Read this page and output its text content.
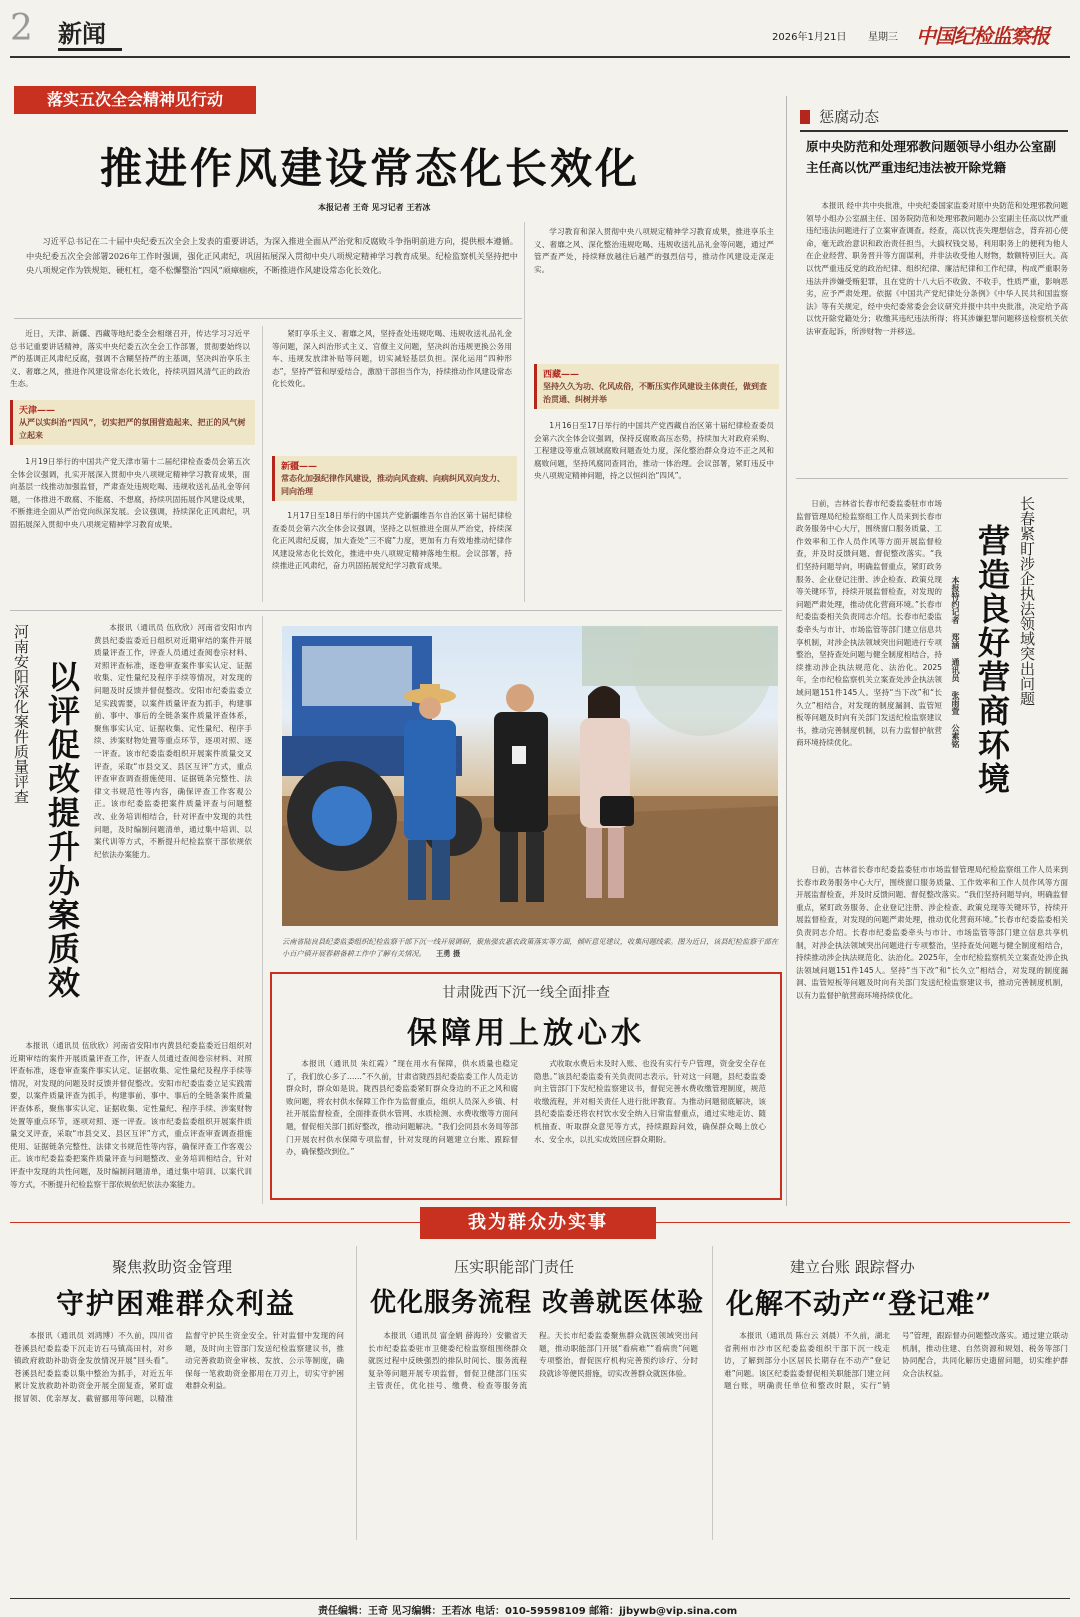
2 新闻	2026年1月21日 星期三 中国纪检监察报
落实五次全会精神见行动
推进作风建设常态化长效化
本报记者 王奇 见习记者 王若冰

习近平总书记在二十届中央纪委五次全会上发表的重要讲话，为深入推进全面从严治党和反腐败斗争指明前进方向，提供根本遵循。中央纪委五次全会部署2026年工作时强调，强化正风肃纪，巩固拓展深入贯彻中央八项规定精神学习教育成果。纪检监察机关坚持把中央八项规定作为铁规矩、硬杠杠，毫不松懈整治“四风”顽瘴痼疾，不断推进作风建设常态化长效化。

近日，天津、新疆、西藏等地纪委全会相继召开，传达学习习近平总书记重要讲话精神，落实中央纪委五次全会工作部署，贯彻要始终以严的基调正风肃纪反腐，强调不含糊坚持严的主基调，坚决纠治享乐主义、奢靡之风，推进作风建设常态化长效化，持续巩固风清气正的政治生态。

天津——
从严以实纠治“四风”，切实把严的氛围营造起来、把正的风气树立起来

1月19日举行的中国共产党天津市第十二届纪律检查委员会第五次全体会议强调，扎实开展深入贯彻中央八项规定精神学习教育成果，面向基层一线推动加强监督，严肃查处违规吃喝、违规收送礼品礼金等问题，一体推进不敢腐、不能腐、不想腐，持续巩固拓展作风建设成果，不断推进全面从严治党向纵深发展。会议强调，持续深化正风肃纪，巩固拓展深入贯彻中央八项规定精神学习教育成果。

紧盯享乐主义、奢靡之风，坚持查处违规吃喝、违规收送礼品礼金等问题，深入纠治形式主义、官僚主义问题，坚决纠治违规更换公务用车、违规发放津补贴等问题，切实减轻基层负担。深化运用“四种形态”，坚持严管和厚爱结合，激励干部担当作为，持续推动作风建设常态化长效化。

新疆——
常态化加强纪律作风建设，推动向风查病、向病纠风双向发力、同向治理

1月17日至18日举行的中国共产党新疆维吾尔自治区第十届纪律检查委员会第六次全体会议强调，坚持之以恒推进全面从严治党，持续深化正风肃纪反腐，加大查处“三不腐”力度，更加有力有效地推动纪律作风建设常态化长效化，推进中央八项规定精神落地生根。会议部署，持续推进正风肃纪，奋力巩固拓展党纪学习教育成果。

学习教育和深入贯彻中央八项规定精神学习教育成果，推进享乐主义、奢靡之风、深化整治违规吃喝、违规收送礼品礼金等问题，通过严管严查严处，持续释放越往后越严的强烈信号，推动作风建设走深走实。

西藏——
坚持久久为功、化风成俗，不断压实作风建设主体责任，做到查治贯通、纠树并举

1月16日至17日举行的中国共产党西藏自治区第十届纪律检查委员会第六次全体会议强调，保持反腐败高压态势，持续加大对政府采购、工程建设等重点领域腐败问题查处力度，深化整治群众身边不正之风和腐败问题，坚持风腐同查同治，推动一体治理。会议部署，紧盯违反中央八项规定精神问题，持之以恒纠治“四风”。

惩腐动态
原中央防范和处理邪教问题领导小组办公室副主任高以忱严重违纪违法被开除党籍

本报讯 经中共中央批准，中央纪委国家监委对原中央防范和处理邪教问题领导小组办公室副主任、国务院防范和处理邪教问题办公室副主任高以忱严重违纪违法问题进行了立案审查调查。经查，高以忱丧失理想信念，背弃初心使命，毫无政治意识和政治责任担当，大搞权钱交易，利用职务上的便利为他人在企业经营、职务晋升等方面谋利，并非法收受他人财物，数额特别巨大。高以忱严重违反党的政治纪律、组织纪律、廉洁纪律和工作纪律，构成严重职务违法并涉嫌受贿犯罪，且在党的十八大后不收敛、不收手，性质严重，影响恶劣，应予严肃处理。依据《中国共产党纪律处分条例》《中华人民共和国监察法》等有关规定，经中央纪委常委会会议研究并报中共中央批准，决定给予高以忱开除党籍处分；收缴其违纪违法所得；将其涉嫌犯罪问题移送检察机关依法审查起诉，所涉财物一并移送。

长春紧盯涉企执法领域突出问题
营造良好营商环境
本报特约记者 郑涵 通讯员 张雨萱 公素铭

日前，吉林省长春市纪委监委驻市市场监督管理局纪检监察组工作人员来到长春市政务服务中心大厅，围绕窗口服务质量、工作效率和工作人员作风等方面开展监督检查，并及时反馈问题、督促整改落实。“我们坚持问题导向，明确监督重点，紧盯政务服务、企业登记注册、涉企检查、政策兑现等关键环节，持续开展监督检查，对发现的问题严肃处理，推动优化营商环境。”长春市纪委监委相关负责同志介绍。长春市纪委监委牵头与市计、市场监管等部门建立信息共享机制，对涉企执法领域突出问题进行专项整治，坚持查处问题与健全制度相结合，持续推动涉企执法规范化、法治化。2025年，全市纪检监察机关立案查处涉企执法领域问题151件145人。坚持“当下改”和“长久立”相结合，对发现的制度漏洞、监管短板等问题及时向有关部门发送纪检监察建议书，推动完善制度机制，以有力监督护航营商环境持续优化。

日前，吉林省长春市纪委监委驻市市场监督管理局纪检监察组工作人员来到长春市政务服务中心大厅，围绕窗口服务质量、工作效率和工作人员作风等方面开展监督检查，并及时反馈问题、督促整改落实。“我们坚持问题导向，明确监督重点，紧盯政务服务、企业登记注册、涉企检查、政策兑现等关键环节，持续开展监督检查，对发现的问题严肃处理，推动优化营商环境。”长春市纪委监委相关负责同志介绍。长春市纪委监委牵头与市计、市场监管等部门建立信息共享机制，对涉企执法领域突出问题进行专项整治，坚持查处问题与健全制度相结合，持续推动涉企执法规范化、法治化。2025年，全市纪检监察机关立案查处涉企执法领域问题151件145人。坚持“当下改”和“长久立”相结合，对发现的制度漏洞、监管短板等问题及时向有关部门发送纪检监察建议书，推动完善制度机制，以有力监督护航营商环境持续优化。

河南安阳深化案件质量评查 以评促改提升办案质效

本报讯（通讯员 伍欣欣）河南省安阳市内黄县纪委监委近日组织对近期审结的案件开展质量评查工作，评查人员通过查阅卷宗材料、对照评查标准，逐卷审查案件事实认定、证据收集、定性量纪及程序手续等情况，对发现的问题及时反馈并督促整改。安阳市纪委监委立足实践需要，以案件质量评查为抓手，构建事前、事中、事后的全链条案件质量评查体系，聚焦事实认定、证据收集、定性量纪、程序手续、涉案财物处置等重点环节，逐项对照、逐一评查。该市纪委监委组织开展案件质量交叉评查，采取“市县交叉、县区互评”方式，重点评查审查调查措施使用、证据链条完整性、法律文书规范性等内容，确保评查工作客观公正。该市纪委监委把案件质量评查与问题整改、业务培训相结合，针对评查中发现的共性问题，及时编制问题清单，通过集中培训、以案代训等方式，不断提升纪检监察干部依规依纪依法办案能力。

本报讯（通讯员 伍欣欣）河南省安阳市内黄县纪委监委近日组织对近期审结的案件开展质量评查工作，评查人员通过查阅卷宗材料、对照评查标准，逐卷审查案件事实认定、证据收集、定性量纪及程序手续等情况，对发现的问题及时反馈并督促整改。安阳市纪委监委立足实践需要，以案件质量评查为抓手，构建事前、事中、事后的全链条案件质量评查体系，聚焦事实认定、证据收集、定性量纪、程序手续、涉案财物处置等重点环节，逐项对照、逐一评查。该市纪委监委组织开展案件质量交叉评查，采取“市县交叉、县区互评”方式，重点评查审查调查措施使用、证据链条完整性、法律文书规范性等内容，确保评查工作客观公正。该市纪委监委把案件质量评查与问题整改、业务培训相结合，针对评查中发现的共性问题，及时编制问题清单，通过集中培训、以案代训等方式，不断提升纪检监察干部依规依纪依法办案能力。

云南省陆良县纪委监委组织纪检监察干部下沉一线开展调研，聚焦强农惠农政策落实等方面，倾听意见建议，收集问题线索。图为近日，该县纪检监察干部在小百户镇开展春耕备耕工作中了解有关情况。 王勇 摄
甘肃陇西下沉一线全面排查
保障用上放心水

本报讯（通讯员 朱红霞）“现在用水有保障，供水质量也稳定了，我们放心多了……”不久前，甘肃省陇西县纪委监委工作人员走访群众时，群众如是说。陇西县纪委监委紧盯群众身边的不正之风和腐败问题，将农村供水保障工作作为监督重点，组织人员深入乡镇、村社开展监督检查，全面排查供水管网、水质检测、水费收缴等方面问题，督促相关部门抓好整改，推动问题解决。“我们会同县水务局等部门开展农村供水保障专项监督，针对发现的问题建立台账、跟踪督办，确保整改到位。”

式收取水费后未及时入账、也没有实行专户管理，资金安全存在隐患。”该县纪委监委有关负责同志表示。针对这一问题，县纪委监委向主管部门下发纪检监察建议书，督促完善水费收缴管理制度，规范收缴流程，并对相关责任人进行批评教育。为推动问题彻底解决，该县纪委监委还将农村饮水安全纳入日常监督重点，通过实地走访、随机抽查、听取群众意见等方式，持续跟踪问效，确保群众喝上放心水、安全水，以扎实成效回应群众期盼。

我为群众办实事
聚焦救助资金管理
守护困难群众利益

本报讯（通讯员 刘鸿博）不久前，四川省苍溪县纪委监委下沉走访石马镇高田村，对乡镇政府救助补助资金发放情况开展“回头看”。苍溪县纪委监委以集中整治为抓手，对近五年累计发放救助补助资金开展全面复查，紧盯虚报冒领、优亲厚友、截留挪用等问题，以精准监督守护民生资金安全。针对监督中发现的问题，及时向主管部门发送纪检监察建议书，推动完善救助资金审核、发放、公示等制度，确保每一笔救助资金都用在刀刃上，切实守护困难群众利益。

压实职能部门责任
优化服务流程 改善就医体验

本报讯（通讯员 富金娟 薛海玲）安徽省天长市纪委监委驻市卫健委纪检监察组围绕群众就医过程中反映强烈的排队时间长、服务流程复杂等问题开展专项监督，督促卫健部门压实主管责任，优化挂号、缴费、检查等服务流程。天长市纪委监委聚焦群众就医领域突出问题，推动职能部门开展“看病难”“看病贵”问题专项整治，督促医疗机构完善预约诊疗、分时段就诊等便民措施，切实改善群众就医体验。

建立台账 跟踪督办
化解不动产“登记难”

本报讯（通讯员 陈台云 刘晨）不久前，湖北省荆州市沙市区纪委监委组织干部下沉一线走访，了解到部分小区居民长期存在不动产“登记难”问题。该区纪委监委督促相关职能部门建立问题台账，明确责任单位和整改时限，实行“销号”管理，跟踪督办问题整改落实。通过建立联动机制，推动住建、自然资源和规划、税务等部门协同配合，共同化解历史遗留问题，切实维护群众合法权益。

责任编辑：王奇 见习编辑：王若冰 电话：010-59598109 邮箱：jjbywb@vip.sina.com
